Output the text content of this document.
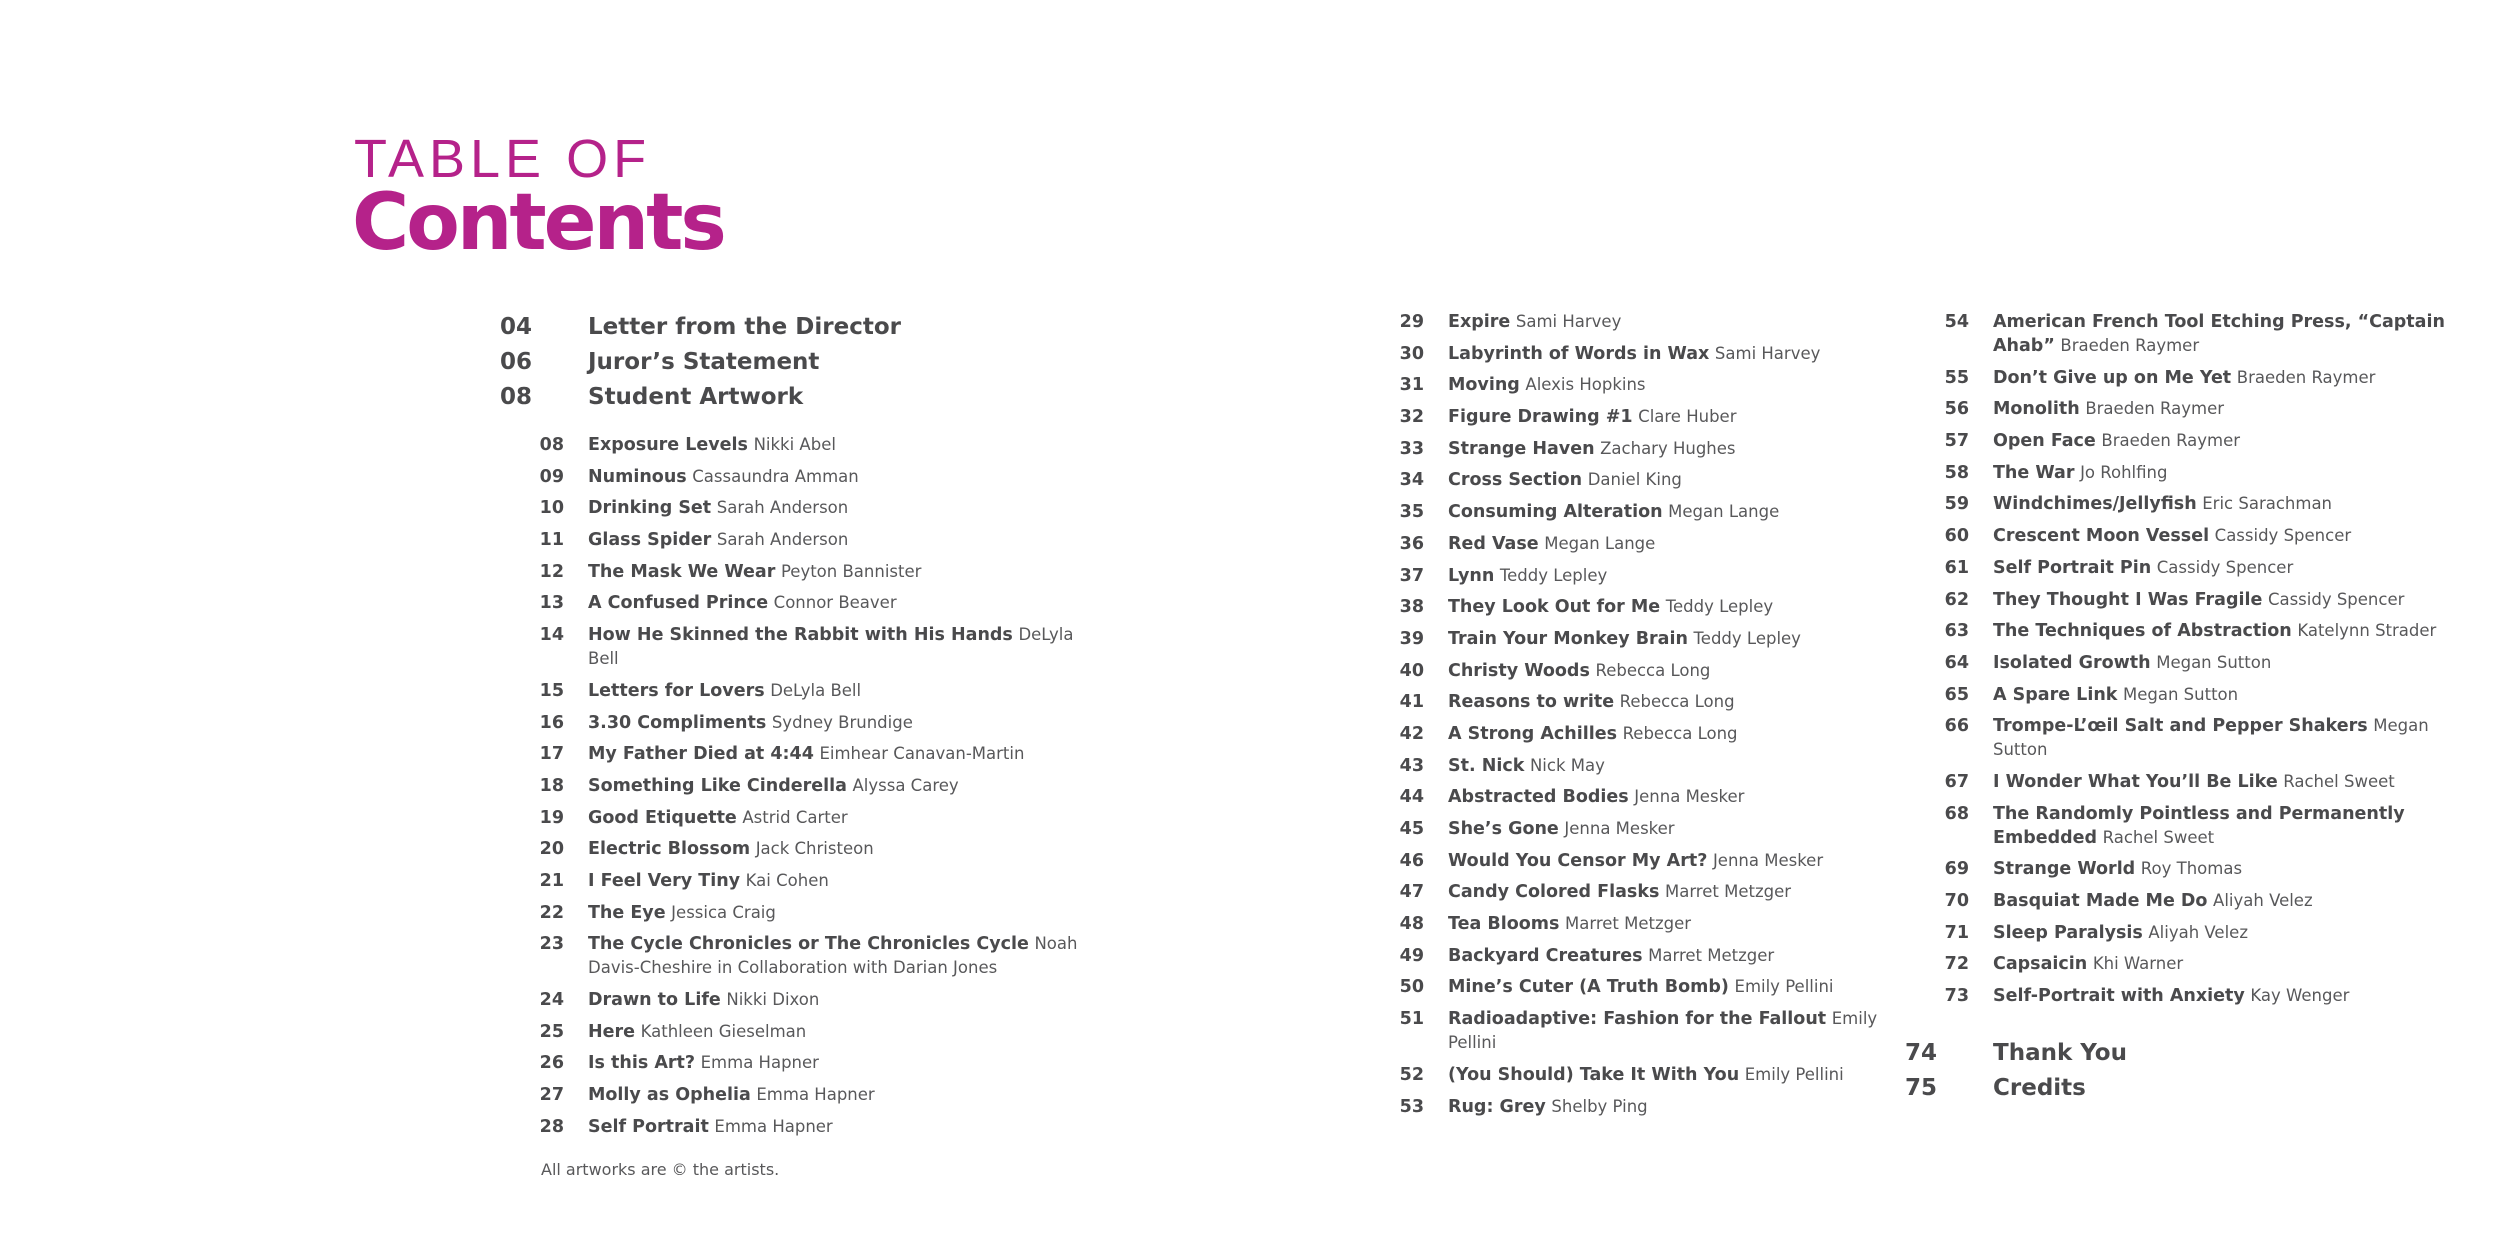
TABLE OF
Contents
04	Letter from the Director
06	Juror’s Statement
08	Student Artwork
08	Exposure Levels Nikki Abel
09	Numinous Cassaundra Amman
10	Drinking Set Sarah Anderson
11	Glass Spider Sarah Anderson
12	The Mask We Wear Peyton Bannister
13	A Confused Prince Connor Beaver
14	How He Skinned the Rabbit with His Hands DeLyla Bell
15	Letters for Lovers DeLyla Bell
16	3.30 Compliments Sydney Brundige
17	My Father Died at 4:44 Eimhear Canavan-Martin
18	Something Like Cinderella Alyssa Carey
19	Good Etiquette Astrid Carter
20	Electric Blossom Jack Christeon
21	I Feel Very Tiny Kai Cohen
22	The Eye Jessica Craig
23	The Cycle Chronicles or The Chronicles Cycle Noah Davis-Cheshire in Collaboration with Darian Jones
24	Drawn to Life Nikki Dixon
25	Here Kathleen Gieselman
26	Is this Art? Emma Hapner
27	Molly as Ophelia Emma Hapner
28	Self Portrait Emma Hapner
29	Expire Sami Harvey
30	Labyrinth of Words in Wax Sami Harvey
31	Moving Alexis Hopkins
32	Figure Drawing #1 Clare Huber
33	Strange Haven Zachary Hughes
34	Cross Section Daniel King
35	Consuming Alteration Megan Lange
36	Red Vase Megan Lange
37	Lynn Teddy Lepley
38	They Look Out for Me Teddy Lepley
39	Train Your Monkey Brain Teddy Lepley
40	Christy Woods Rebecca Long
41	Reasons to write Rebecca Long
42	A Strong Achilles Rebecca Long
43	St. Nick Nick May
44	Abstracted Bodies Jenna Mesker
45	She’s Gone Jenna Mesker
46	Would You Censor My Art? Jenna Mesker
47	Candy Colored Flasks Marret Metzger
48	Tea Blooms Marret Metzger
49	Backyard Creatures Marret Metzger
50	Mine’s Cuter (A Truth Bomb) Emily Pellini
51	Radioadaptive: Fashion for the Fallout Emily Pellini
52	(You Should) Take It With You Emily Pellini
53	Rug: Grey Shelby Ping
54	American French Tool Etching Press, “Captain Ahab” Braeden Raymer
55	Don’t Give up on Me Yet Braeden Raymer
56	Monolith Braeden Raymer
57	Open Face Braeden Raymer
58	The War Jo Rohlfing
59	Windchimes/Jellyfish Eric Sarachman
60	Crescent Moon Vessel Cassidy Spencer
61	Self Portrait Pin Cassidy Spencer
62	They Thought I Was Fragile Cassidy Spencer
63	The Techniques of Abstraction Katelynn Strader
64	Isolated Growth Megan Sutton
65	A Spare Link Megan Sutton
66	Trompe-L’œil Salt and Pepper Shakers Megan Sutton
67	I Wonder What You’ll Be Like Rachel Sweet
68	The Randomly Pointless and Permanently Embedded Rachel Sweet
69	Strange World Roy Thomas
70	Basquiat Made Me Do Aliyah Velez
71	Sleep Paralysis Aliyah Velez
72	Capsaicin Khi Warner
73	Self-Portrait with Anxiety Kay Wenger
74	Thank You
75	Credits
All artworks are © the artists.
